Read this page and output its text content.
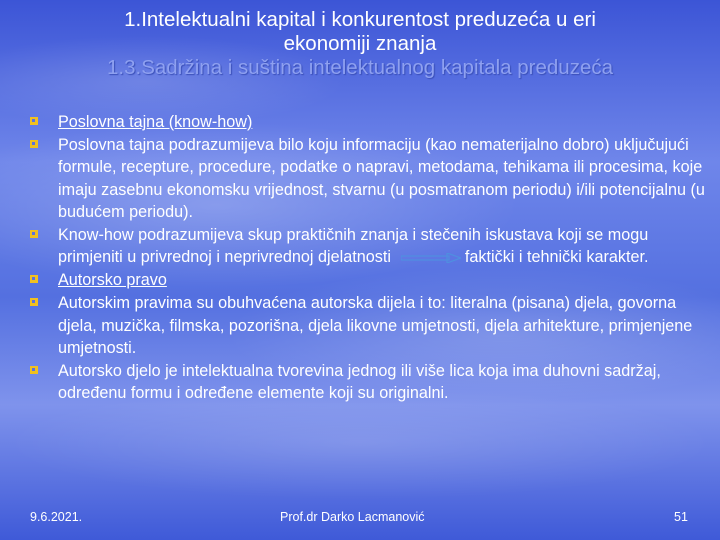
1.Intelektualni kapital i konkurentost preduzeća u eri
ekonomiji znanja
1.3.Sadržina i suština intelektualnog kapitala preduzeća
Poslovna tajna (know-how)
Poslovna tajna podrazumijeva bilo koju informaciju (kao nematerijalno dobro) uključujući formule, recepture, procedure, podatke o napravi, metodama, tehikama ili procesima, koje imaju zasebnu ekonomsku vrijednost, stvarnu (u posmatranom periodu) i/ili potencijalnu (u budućem periodu).
Know-how podrazumijeva skup praktičnih znanja i stečenih iskustava koji se mogu primjeniti u privrednoj i neprivrednoj djelatnosti	faktički i tehnički karakter.
Autorsko pravo
Autorskim pravima su obuhvaćena autorska dijela i to: literalna (pisana) djela, govorna djela, muzička, filmska, pozorišna, djela likovne umjetnosti, djela arhitekture, primjenjene umjetnosti.
Autorsko djelo je intelektualna tvorevina jednog ili više lica koja ima duhovni sadržaj, određenu formu i određene elemente koji su originalni.
9.6.2021.	Prof.dr Darko Lacmanović	51
